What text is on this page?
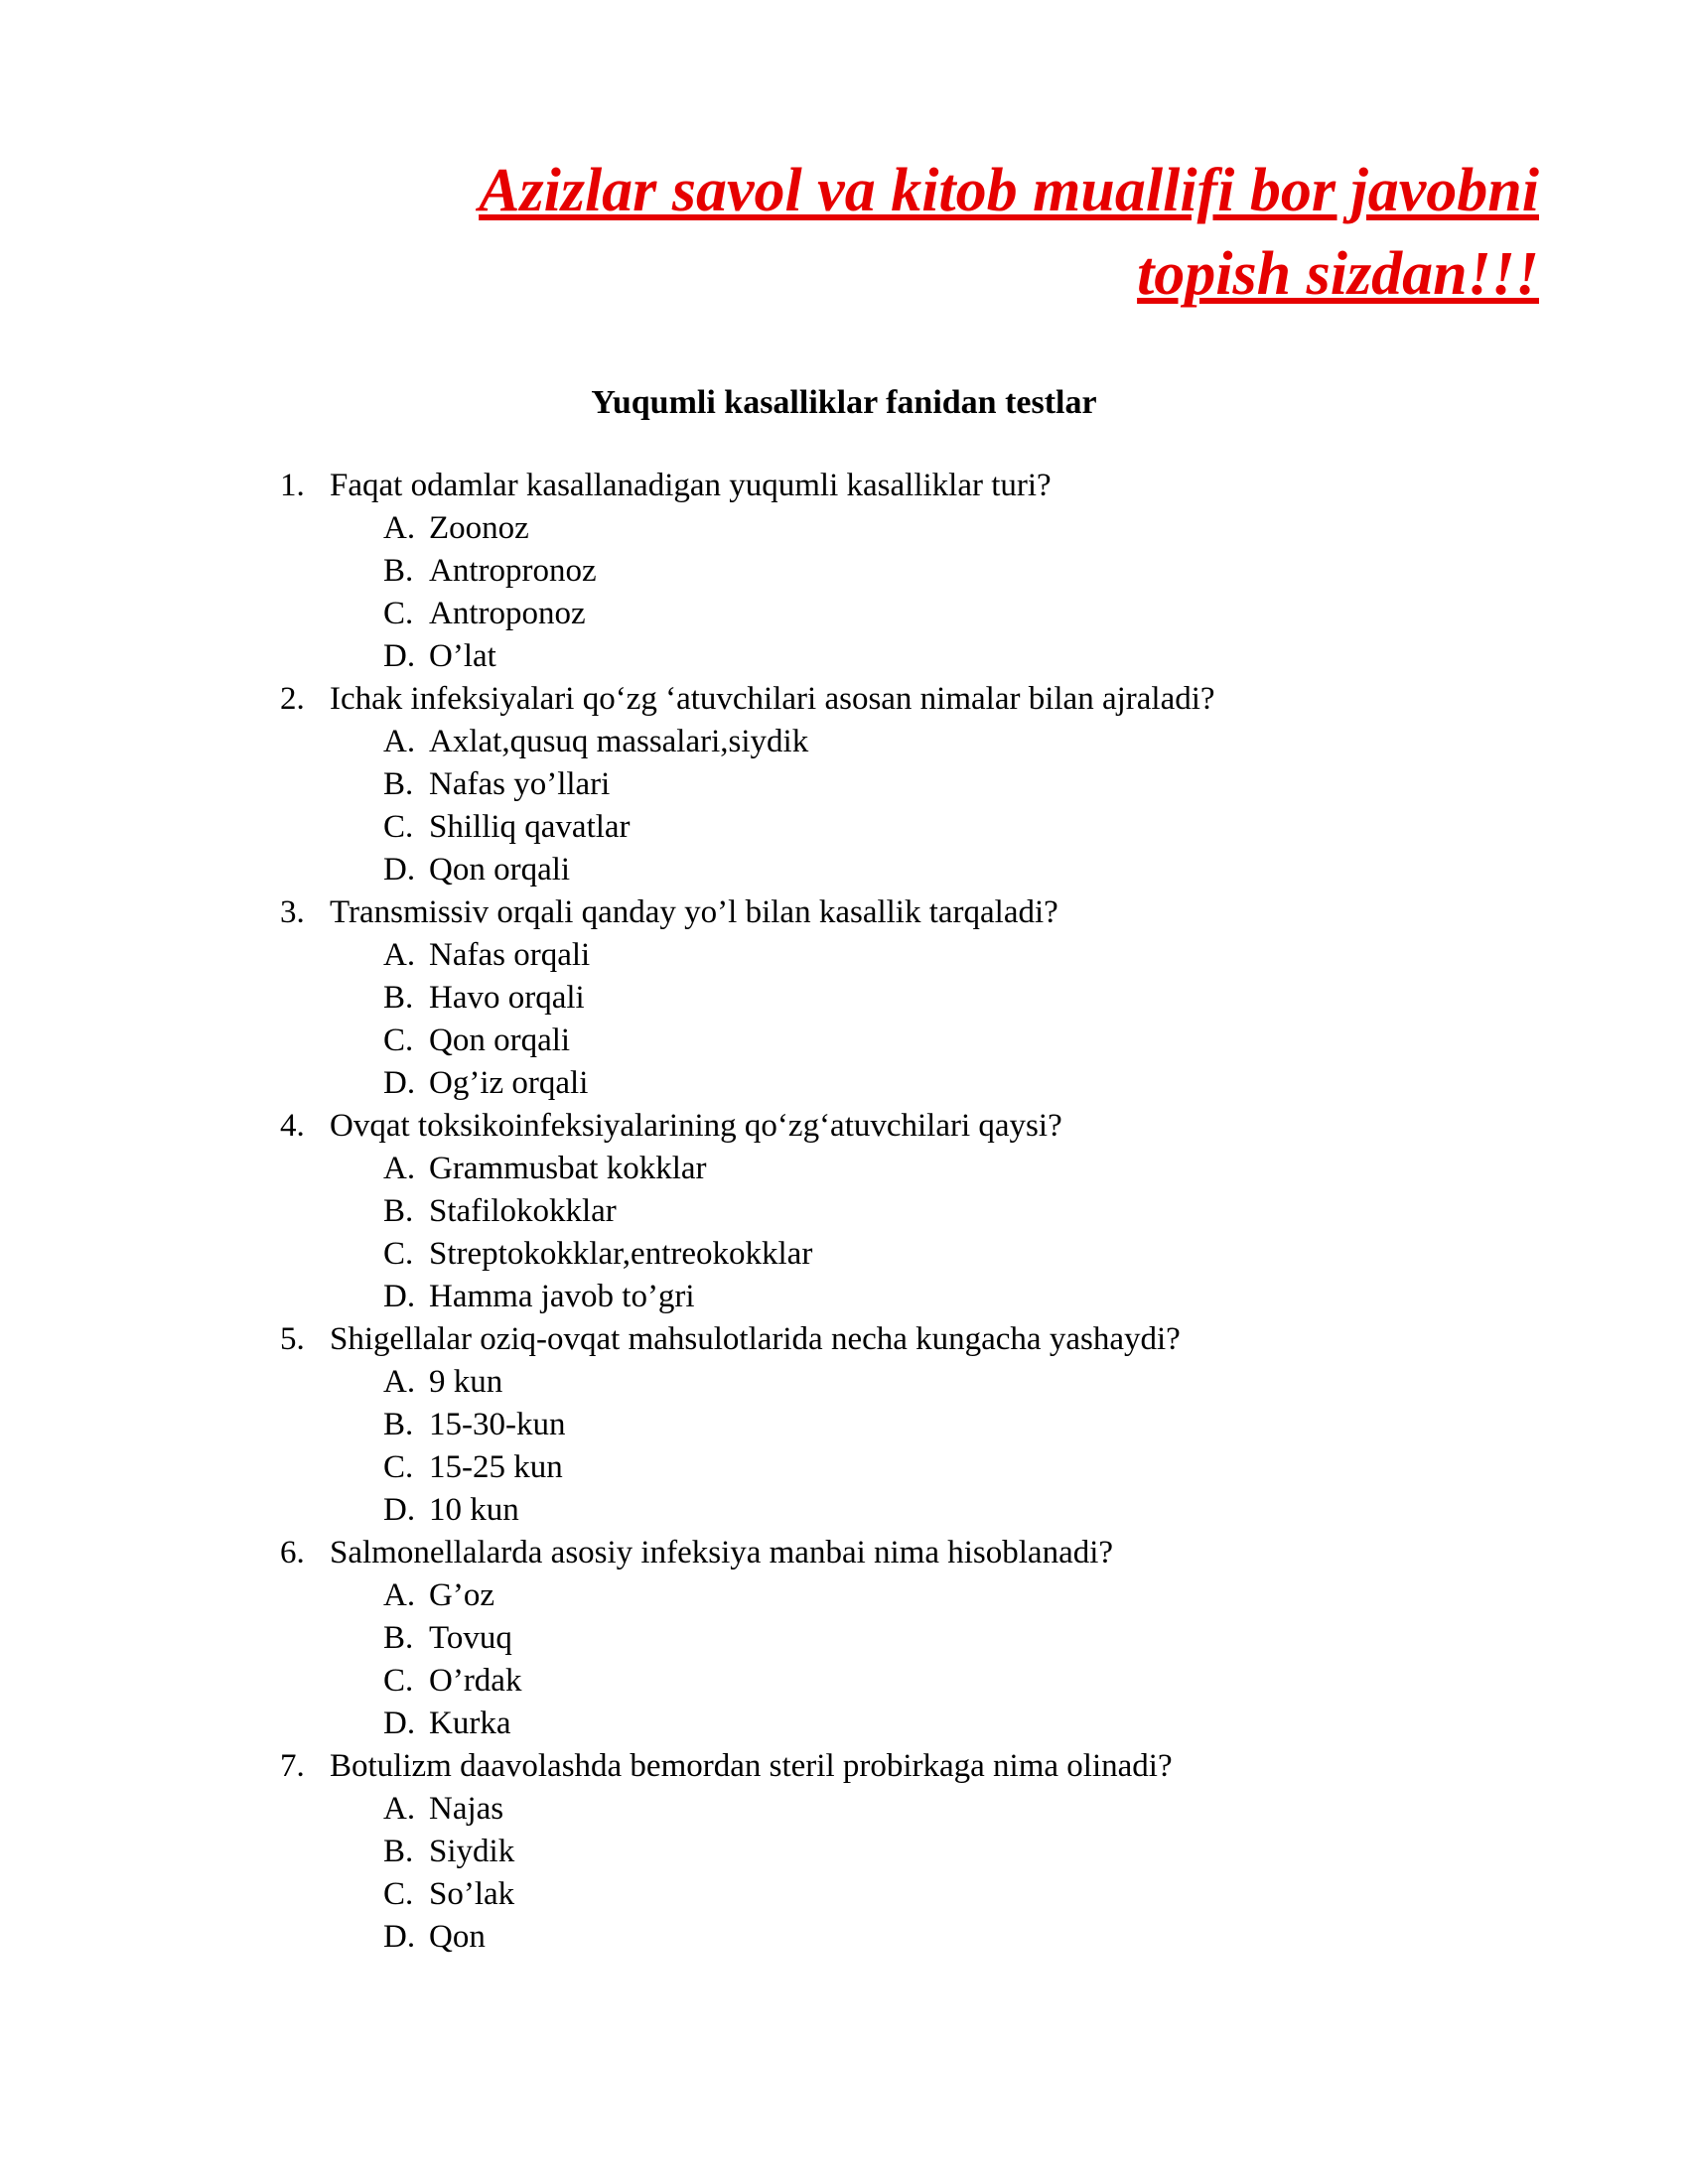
Azizlar savol va kitob muallifi bor javobni
topish sizdan!!!
Yuqumli kasalliklar fanidan testlar
1. Faqat odamlar kasallanadigan yuqumli kasalliklar turi?
A. Zoonoz
B. Antropronoz
C. Antroponoz
D. O’lat
2. Ichak infeksiyalari qo‘zg ‘atuvchilari asosan nimalar bilan ajraladi?
A. Axlat,qusuq massalari,siydik
B. Nafas yo’llari
C. Shilliq qavatlar
D. Qon orqali
3. Transmissiv orqali qanday yo’l bilan kasallik tarqaladi?
A. Nafas orqali
B. Havo orqali
C. Qon orqali
D. Og’iz orqali
4. Ovqat toksikoinfeksiyalarining qo‘zg‘atuvchilari qaysi?
A. Grammusbat kokklar
B. Stafilokokklar
C. Streptokokklar,entreokokklar
D. Hamma javob to’gri
5. Shigellalar oziq-ovqat mahsulotlarida necha kungacha yashaydi?
A. 9 kun
B. 15-30-kun
C. 15-25 kun
D. 10 kun
6. Salmonellalarda asosiy infeksiya manbai nima hisoblanadi?
A. G’oz
B. Tovuq
C. O’rdak
D. Kurka
7. Botulizm daavolashda bemordan steril probirkaga nima olinadi?
A. Najas
B. Siydik
C. So’lak
D. Qon
